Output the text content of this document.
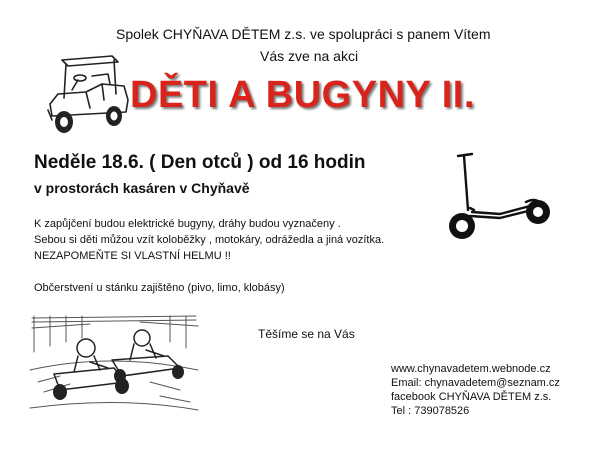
Spolek CHYŇAVA DĚTEM z.s. ve spolupráci s panem Vítem
Vás zve na akci
DĚTI A BUGYNY II.
Neděle 18.6. ( Den otců ) od 16 hodin
v prostorách kasáren v Chyňavě
K zapůjčení budou elektrické bugyny, dráhy budou vyznačeny .
Sebou si děti můžou vzít koloběžky , motokáry, odrážedla a jiná vozítka.
NEZAPOMEŇTE SI VLASTNÍ HELMU !!
Občerstvení u stánku zajištěno (pivo, limo, klobásy)
Těšíme se na Vás
www.chynavadetem.webnode.cz
Email: chynavadetem@seznam.cz
facebook CHYŇAVA DĚTEM z.s.
Tel : 739078526
